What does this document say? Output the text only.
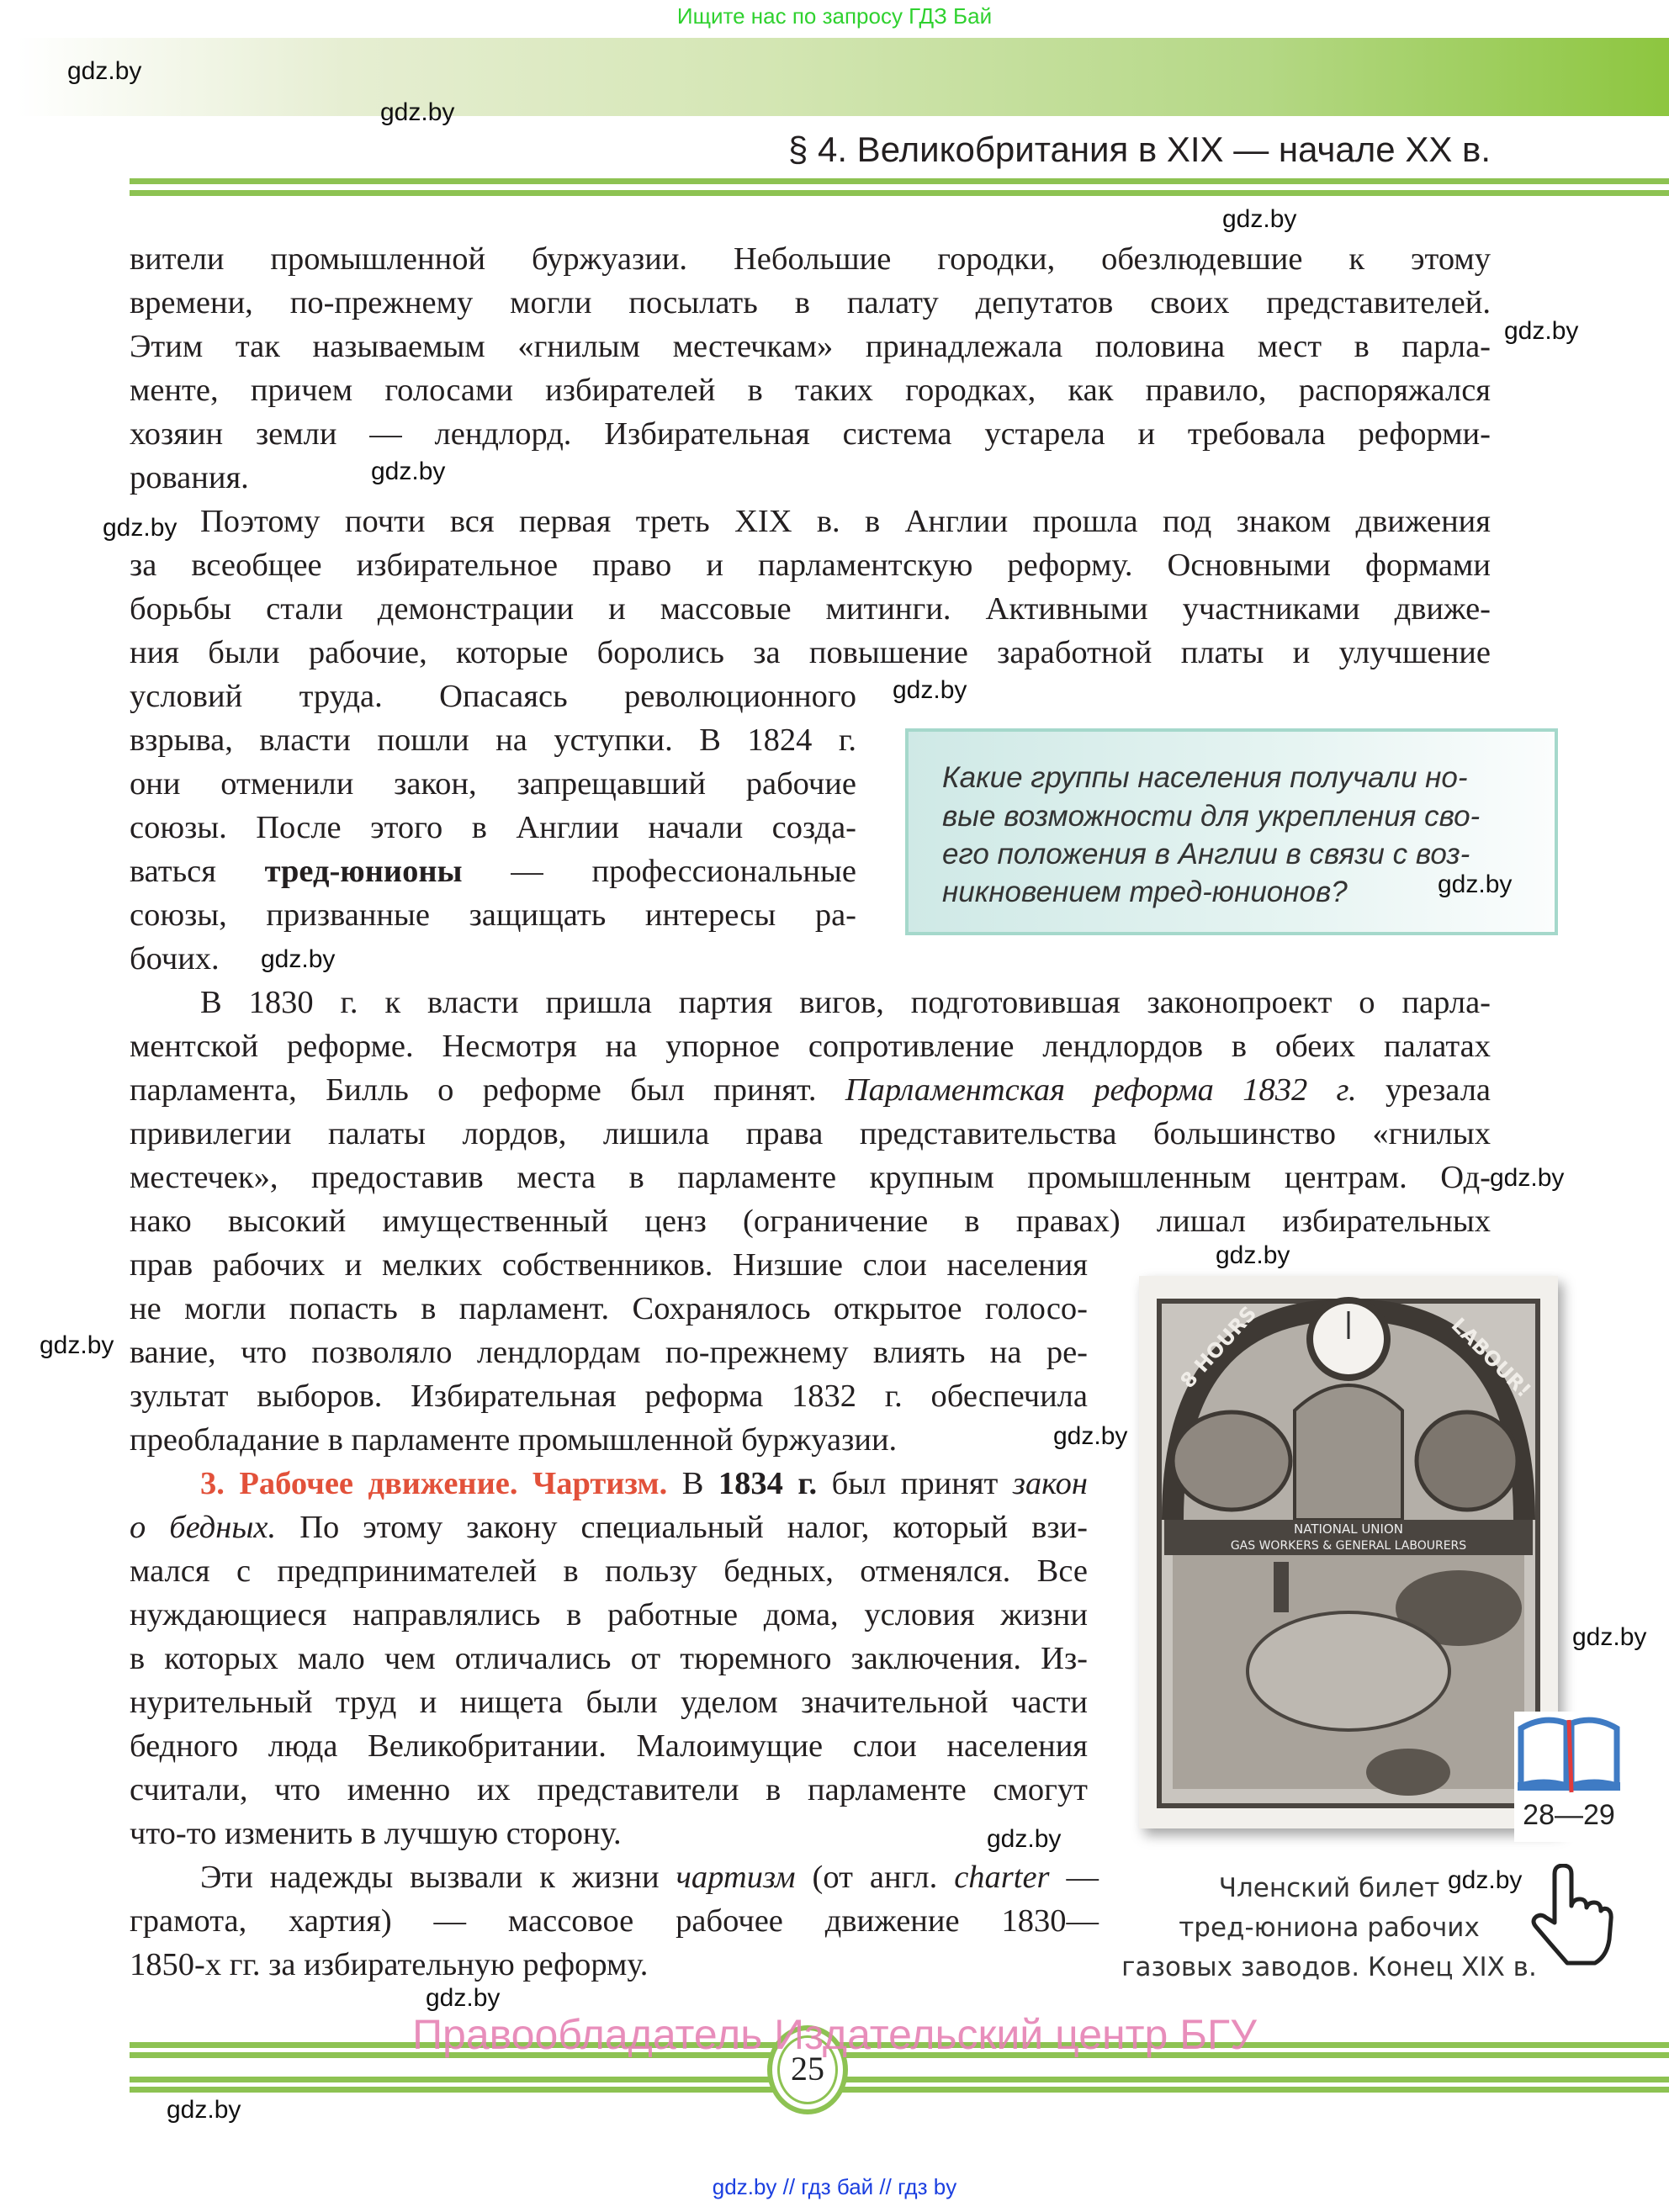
Ищите нас по запросу ГДЗ Бай
§ 4. Великобритания в XIX — начале XX в.
вители промышленной буржуазии. Небольшие городки, обезлюдевшие к этому
времени, по-прежнему могли посылать в палату депутатов своих представителей.
Этим так называемым «гнилым местечкам» принадлежала половина мест в парла-
менте, причем голосами избирателей в таких городках, как правило, распоряжался
хозяин земли — лендлорд. Избирательная система устарела и требовала реформи-
рования.
Поэтому почти вся первая треть XIX в. в Англии прошла под знаком движения
за всеобщее избирательное право и парламентскую реформу. Основными формами
борьбы стали демонстрации и массовые митинги. Активными участниками движе-
ния были рабочие, которые боролись за повышение заработной платы и улучшение
условий труда. Опасаясь революционного
взрыва, власти пошли на уступки. В 1824 г.
они отменили закон, запрещавший рабочие
союзы. После этого в Англии начали созда-
ваться тред-юнионы — профессиональные
союзы, призванные защищать интересы ра-
бочих.
В 1830 г. к власти пришла партия вигов, подготовившая законопроект о парла-
ментской реформе. Несмотря на упорное сопротивление лендлордов в обеих палатах
парламента, Билль о реформе был принят. Парламентская реформа 1832 г. урезала
привилегии палаты лордов, лишила права представительства большинство «гнилых
местечек», предоставив места в парламенте крупным промышленным центрам. Од-
нако высокий имущественный ценз (ограничение в правах) лишал избирательных
прав рабочих и мелких собственников. Низшие слои населения
не могли попасть в парламент. Сохранялось открытое голосо-
вание, что позволяло лендлордам по-прежнему влиять на ре-
зультат выборов. Избирательная реформа 1832 г. обеспечила
преобладание в парламенте промышленной буржуазии.
3. Рабочее движение. Чартизм. В 1834 г. был принят закон
о бедных. По этому закону специальный налог, который взи-
мался с предпринимателей в пользу бедных, отменялся. Все
нуждающиеся направлялись в работные дома, условия жизни
в которых мало чем отличались от тюремного заключения. Из-
нурительный труд и нищета были уделом значительной части
бедного люда Великобритании. Малоимущие слои населения
считали, что именно их представители в парламенте смогут
что-то изменить в лучшую сторону.
Эти надежды вызвали к жизни чартизм (от англ. charter —
грамота, хартия) — массовое рабочее движение 1830—
1850-х гг. за избирательную реформу.
Какие группы населения получали но-
вые возможности для укрепления сво-
его положения в Англии в связи с воз-
никновением тред-юнионов?
8 HOURS	LABOUR!
NATIONAL UNION
GAS WORKERS & GENERAL LABOURERS
28—29
Членский билет
тред-юниона рабочих
газовых заводов. Конец XIX в.
25
Правообладатель Издательский центр БГУ
gdz.by // гдз бай // гдз by
gdz.by
gdz.by
gdz.by
gdz.by
gdz.by
gdz.by
gdz.by
gdz.by
gdz.by
gdz.by
gdz.by
gdz.by
gdz.by
gdz.by
gdz.by
gdz.by
gdz.by
gdz.by
